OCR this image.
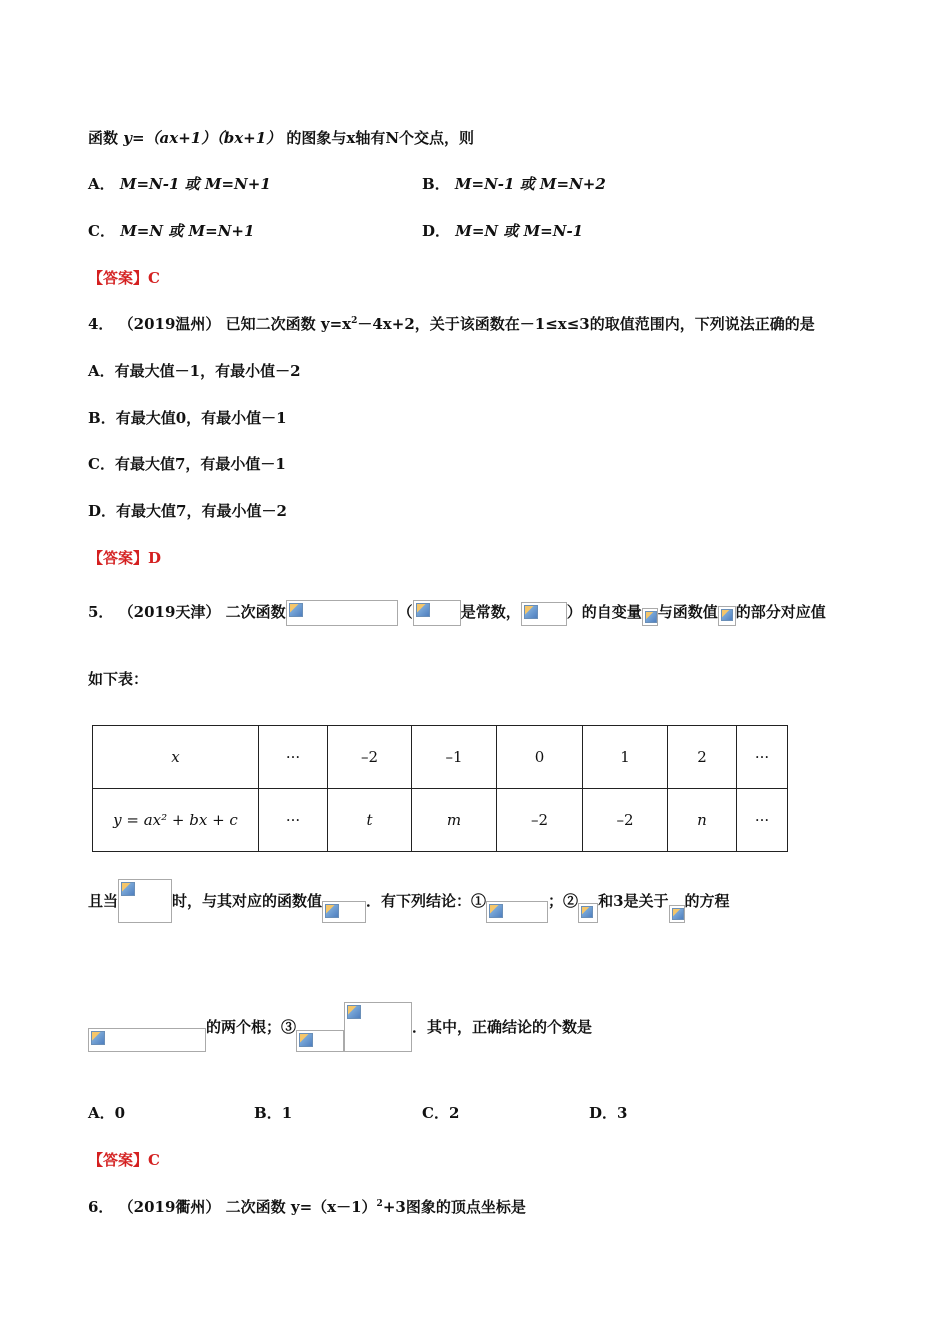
函数 y=（ax+1）（bx+1） 的图象与x轴有N个交点，则
A． M=N-1 或 M=N+1	B． M=N-1 或 M=N+2
C． M=N 或 M=N+1	D． M=N 或 M=N-1
【答案】C
4． （2019温州） 已知二次函数 $y=x^2-4x+2$，关于该函数在－1≤x≤3的取值范围内，下列说法正确的是
A．有最大值－1，有最小值－2
B．有最大值0，有最小值－1
C．有最大值7，有最小值－1
D．有最大值7，有最小值－2
【答案】D
5． （2019天津） 二次函数	（	是常数，	）的自变量 与函数值 的部分对应值
如下表：
x	···	–2	–1	0	1	2	···
y = ax² + bx + c	···	t	m	–2	–2	n	···
且当	时，与其对应的函数值	．有下列结论：①	；② 和3是关于 的方程
的两个根；③	．其中，正确结论的个数是
A．0	B．1	C．2	D．3
【答案】C
6． （2019衢州） 二次函数 $y=(x-1)^2+3$图象的顶点坐标是
